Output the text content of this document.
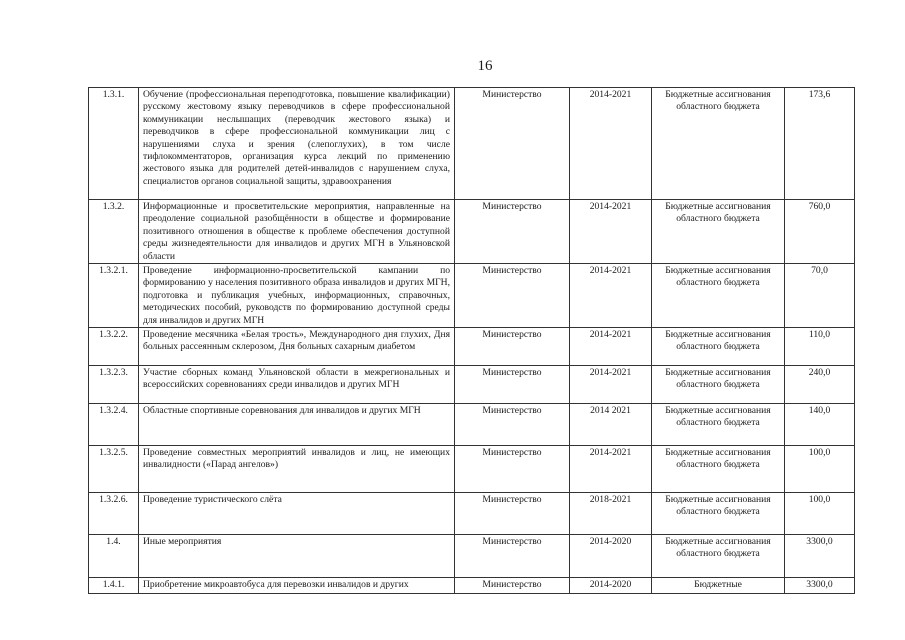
16
1.3.1.	Обучение (профессиональная переподготовка, повышение квалификации) русскому жестовому языку переводчиков в сфере профессиональной коммуникации неслышащих (переводчик жестового языка) и переводчиков в сфере профессиональной коммуникации лиц с нарушениями слуха и зрения (слепоглухих), в том числе тифлокомментаторов, организация курса лекций по применению жестового языка для родителей детей-инвалидов с нарушением слуха, специалистов органов социальной защиты, здравоохранения	Министерство	2014-2021	Бюджетные ассигнования областного бюджета	173,6
1.3.2.	Информационные и просветительские мероприятия, направленные на преодоление социальной разобщённости в обществе и формирование позитивного отношения в обществе к проблеме обеспечения доступной среды жизнедеятельности для инвалидов и других МГН в Ульяновской области	Министерство	2014-2021	Бюджетные ассигнования областного бюджета	760,0
1.3.2.1.	Проведение информационно-просветительской кампании по формированию у населения позитивного образа инвалидов и других МГН, подготовка и публикация учебных, информационных, справочных, методических пособий, руководств по формированию доступной среды для инвалидов и других МГН	Министерство	2014-2021	Бюджетные ассигнования областного бюджета	70,0
1.3.2.2.	Проведение месячника «Белая трость», Международного дня глухих, Дня больных рассеянным склерозом, Дня больных сахарным диабетом	Министерство	2014-2021	Бюджетные ассигнования областного бюджета	110,0
1.3.2.3.	Участие сборных команд Ульяновской области в межрегиональных и всероссийских соревнованиях среди инвалидов и других МГН	Министерство	2014-2021	Бюджетные ассигнования областного бюджета	240,0
1.3.2.4.	Областные спортивные соревнования для инвалидов и других МГН	Министерство	2014 2021	Бюджетные ассигнования областного бюджета	140,0
1.3.2.5.	Проведение совместных мероприятий инвалидов и лиц, не имеющих инвалидности («Парад ангелов»)	Министерство	2014-2021	Бюджетные ассигнования областного бюджета	100,0
1.3.2.6.	Проведение туристического слёта	Министерство	2018-2021	Бюджетные ассигнования областного бюджета	100,0
1.4.	Иные мероприятия	Министерство	2014-2020	Бюджетные ассигнования областного бюджета	3300,0
1.4.1.	Приобретение микроавтобуса для перевозки инвалидов и других	Министерство	2014-2020	Бюджетные	3300,0
